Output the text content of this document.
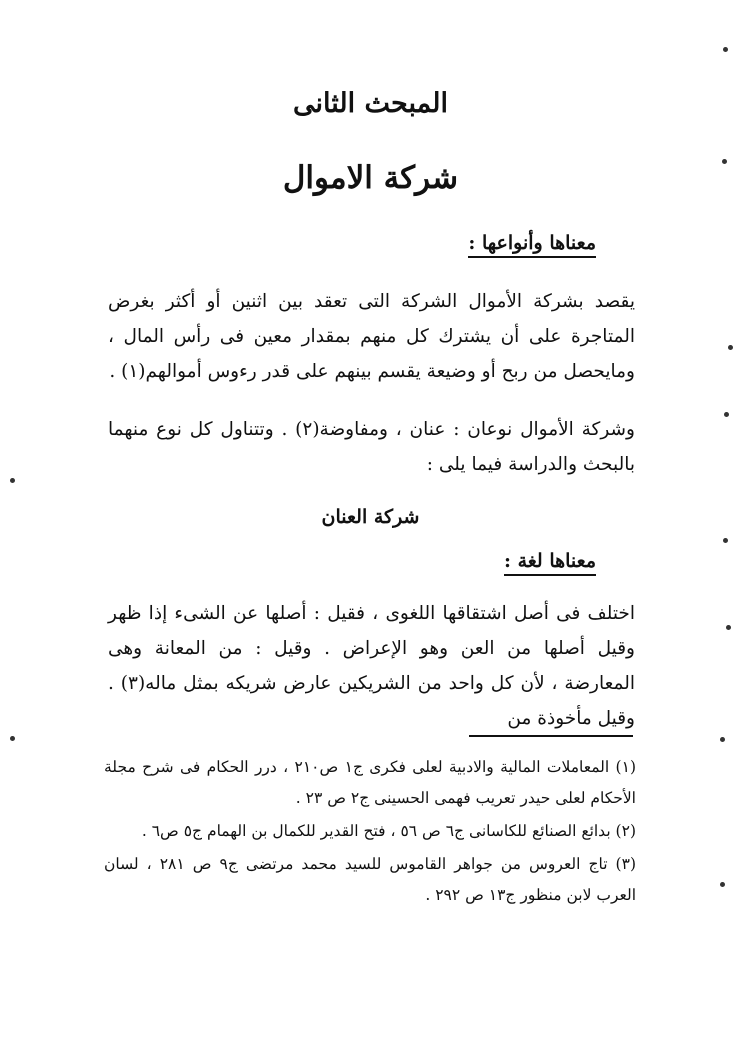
المبحث الثانى
شركة الاموال
معناها وأنواعها :

يقصد بشركة الأموال الشركة التى تعقد بين اثنين أو أكثر بغرض المتاجرة على أن يشترك كل منهم بمقدار معين فى رأس المال ، ومايحصل من ربح أو وضيعة يقسم بينهم على قدر رءوس أموالهم(١) .

وشركة الأموال نوعان : عنان ، ومفاوضة(٢) . وتتناول كل نوع منهما بالبحث والدراسة فيما يلى :

شركة العنان
معناها لغة :

اختلف فى أصل اشتقاقها اللغوى ، فقيل : أصلها عن الشىء إذا ظهر وقيل أصلها من العن وهو الإعراض . وقيل : من المعانة وهى المعارضة ، لأن كل واحد من الشريكين عارض شريكه بمثل ماله(٣) . وقيل مأخوذة من

(١) المعاملات المالية والادبية لعلى فكرى ج١ ص٢١٠ ، درر الحكام فى شرح مجلة الأحكام لعلى حيدر تعريب فهمى الحسينى ج٢ ص ٢٣ .
(٢) بدائع الصنائع للكاسانى ج٦ ص ٥٦ ، فتح القدير للكمال بن الهمام ج٥ ص٦ .
(٣) تاج العروس من جواهر القاموس للسيد محمد مرتضى ج٩ ص ٢٨١ ، لسان العرب لابن منظور ج١٣ ص ٢٩٢ .
